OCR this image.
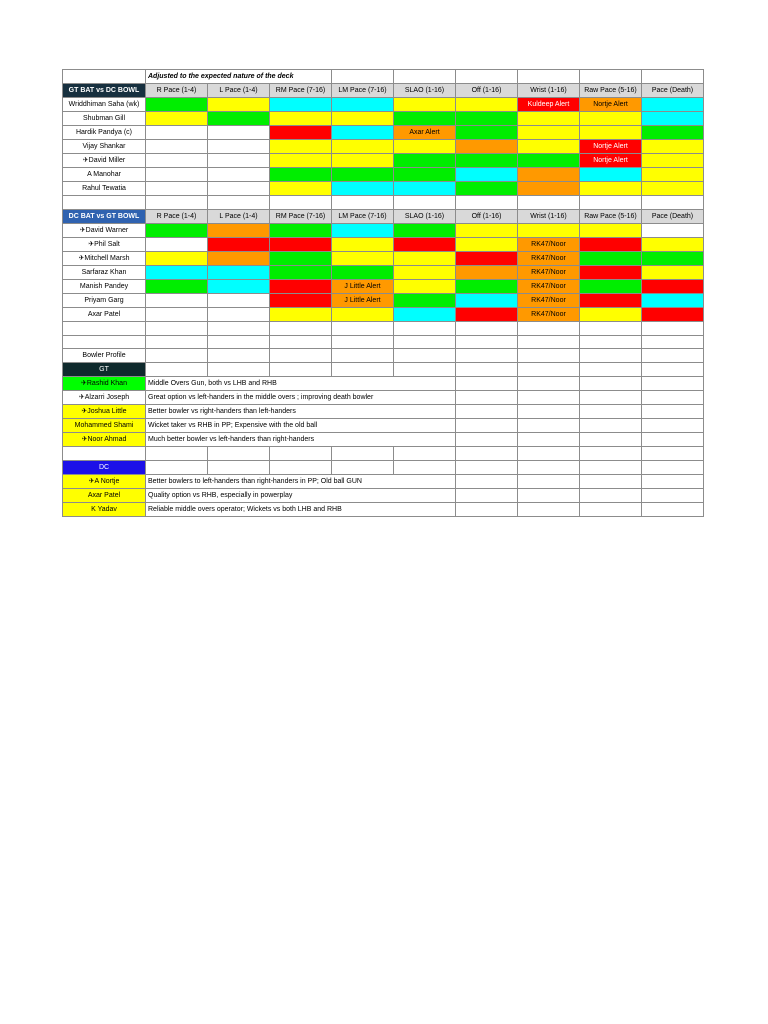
	Adjusted to the expected nature of the deck								
GT BAT vs DC BOWL	R Pace (1-4)	L Pace (1-4)	RM Pace (7-16)	LM Pace (7-16)	SLAO (1-16)	Off (1-16)	Wrist (1-16)	Raw Pace (5-16)	Pace (Death)
Wriddhiman Saha (wk)							Kuldeep Alert	Nortje Alert	
Shubman Gill									
Hardik Pandya (c)					Axar Alert				
Vijay Shankar								Nortje Alert	
✈David Miller								Nortje Alert	
A Manohar									
Rahul Tewatia									

DC BAT vs GT BOWL	R Pace (1-4)	L Pace (1-4)	RM Pace (7-16)	LM Pace (7-16)	SLAO (1-16)	Off (1-16)	Wrist (1-16)	Raw Pace (5-16)	Pace (Death)
✈David Warner									
✈Phil Salt							RK47/Noor		
✈Mitchell Marsh							RK47/Noor		
Sarfaraz Khan							RK47/Noor		
Manish Pandey				J Little Alert			RK47/Noor		
Priyam Garg				J Little Alert			RK47/Noor		
Axar Patel							RK47/Noor		

Bowler Profile									
GT									
✈Rashid Khan	Middle Overs Gun, both vs LHB and RHB								
✈Alzarri Joseph	Great option vs left-handers in the middle overs ; improving death bowler								
✈Joshua Little	Better bowler vs right-handers than left-handers								
Mohammed Shami	Wicket taker vs RHB in PP; Expensive with the old ball								
✈Noor Ahmad	Much better bowler vs left-handers than right-handers								

DC									
✈A Nortje	Better bowlers to left-handers than right-handers in PP; Old ball GUN								
Axar Patel	Quality option vs RHB, especially in powerplay								
K Yadav	Reliable middle overs operator; Wickets vs both LHB and RHB								
